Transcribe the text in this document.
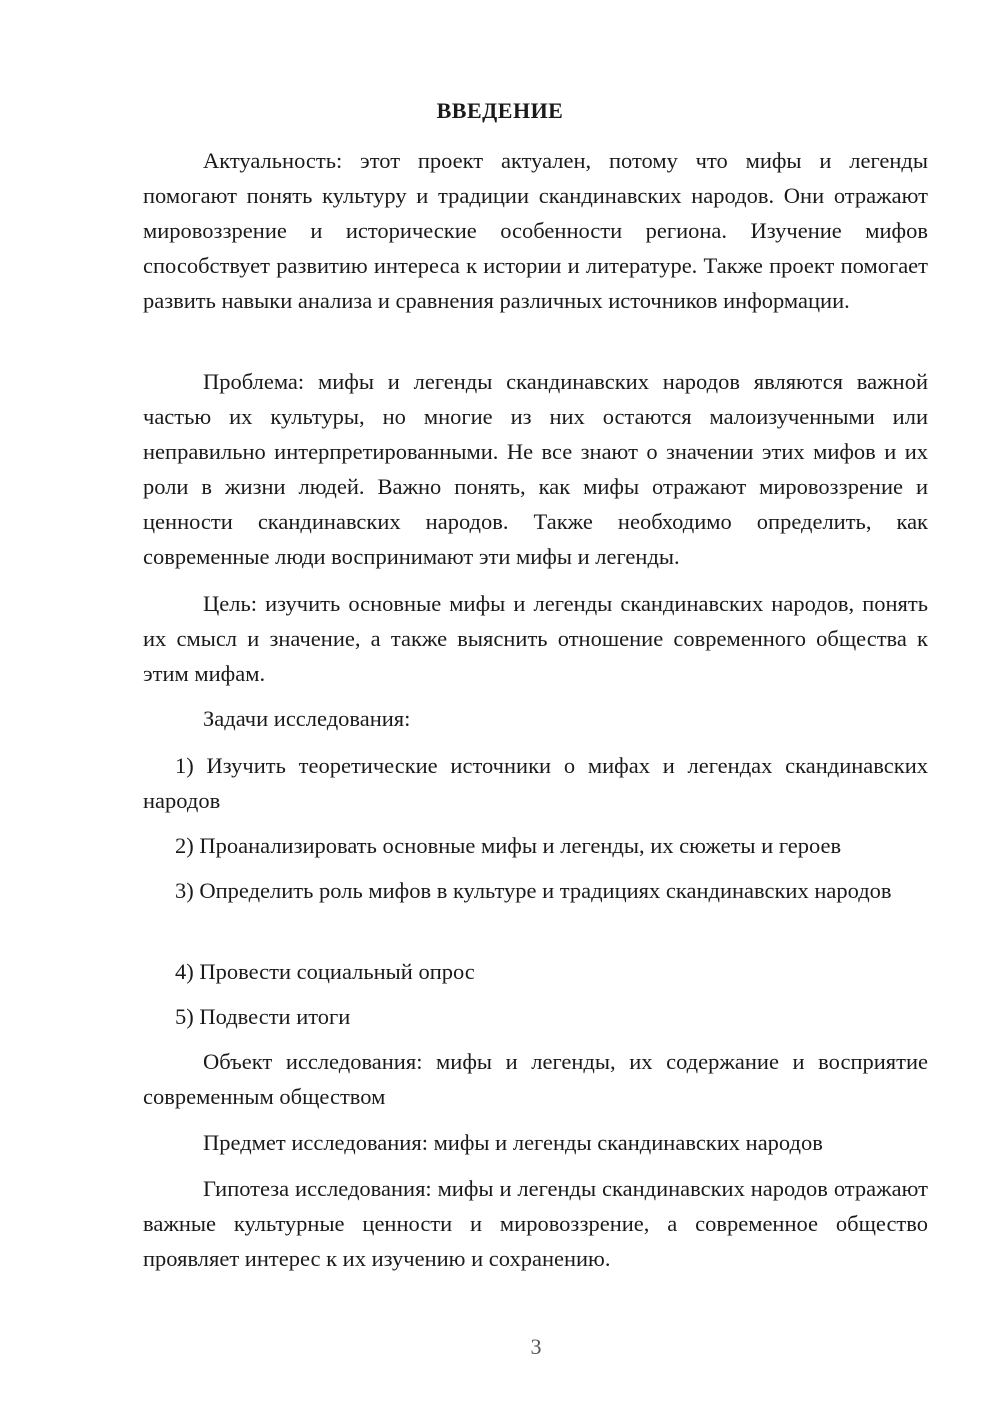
ВВЕДЕНИЕ

Актуальность: этот проект актуален, потому что мифы и легенды помогают понять культуру и традиции скандинавских народов. Они отражают мировоззрение и исторические особенности региона. Изучение мифов способствует развитию интереса к истории и литературе. Также проект помогает развить навыки анализа и сравнения различных источников информации.

Проблема: мифы и легенды скандинавских народов являются важной частью их культуры, но многие из них остаются малоизученными или неправильно интерпретированными. Не все знают о значении этих мифов и их роли в жизни людей. Важно понять, как мифы отражают мировоззрение и ценности скандинавских народов. Также необходимо определить, как современные люди воспринимают эти мифы и легенды.

Цель: изучить основные мифы и легенды скандинавских народов, понять их смысл и значение, а также выяснить отношение современного общества к этим мифам.

Задачи исследования:

1) Изучить теоретические источники о мифах и легендах скандинавских народов

2) Проанализировать основные мифы и легенды, их сюжеты и героев

3) Определить роль мифов в культуре и традициях скандинавских народов

4) Провести социальный опрос

5) Подвести итоги

Объект исследования: мифы и легенды, их содержание и восприятие современным обществом

Предмет исследования: мифы и легенды скандинавских народов

Гипотеза исследования: мифы и легенды скандинавских народов отражают важные культурные ценности и мировоззрение, а современное общество проявляет интерес к их изучению и сохранению.

3
